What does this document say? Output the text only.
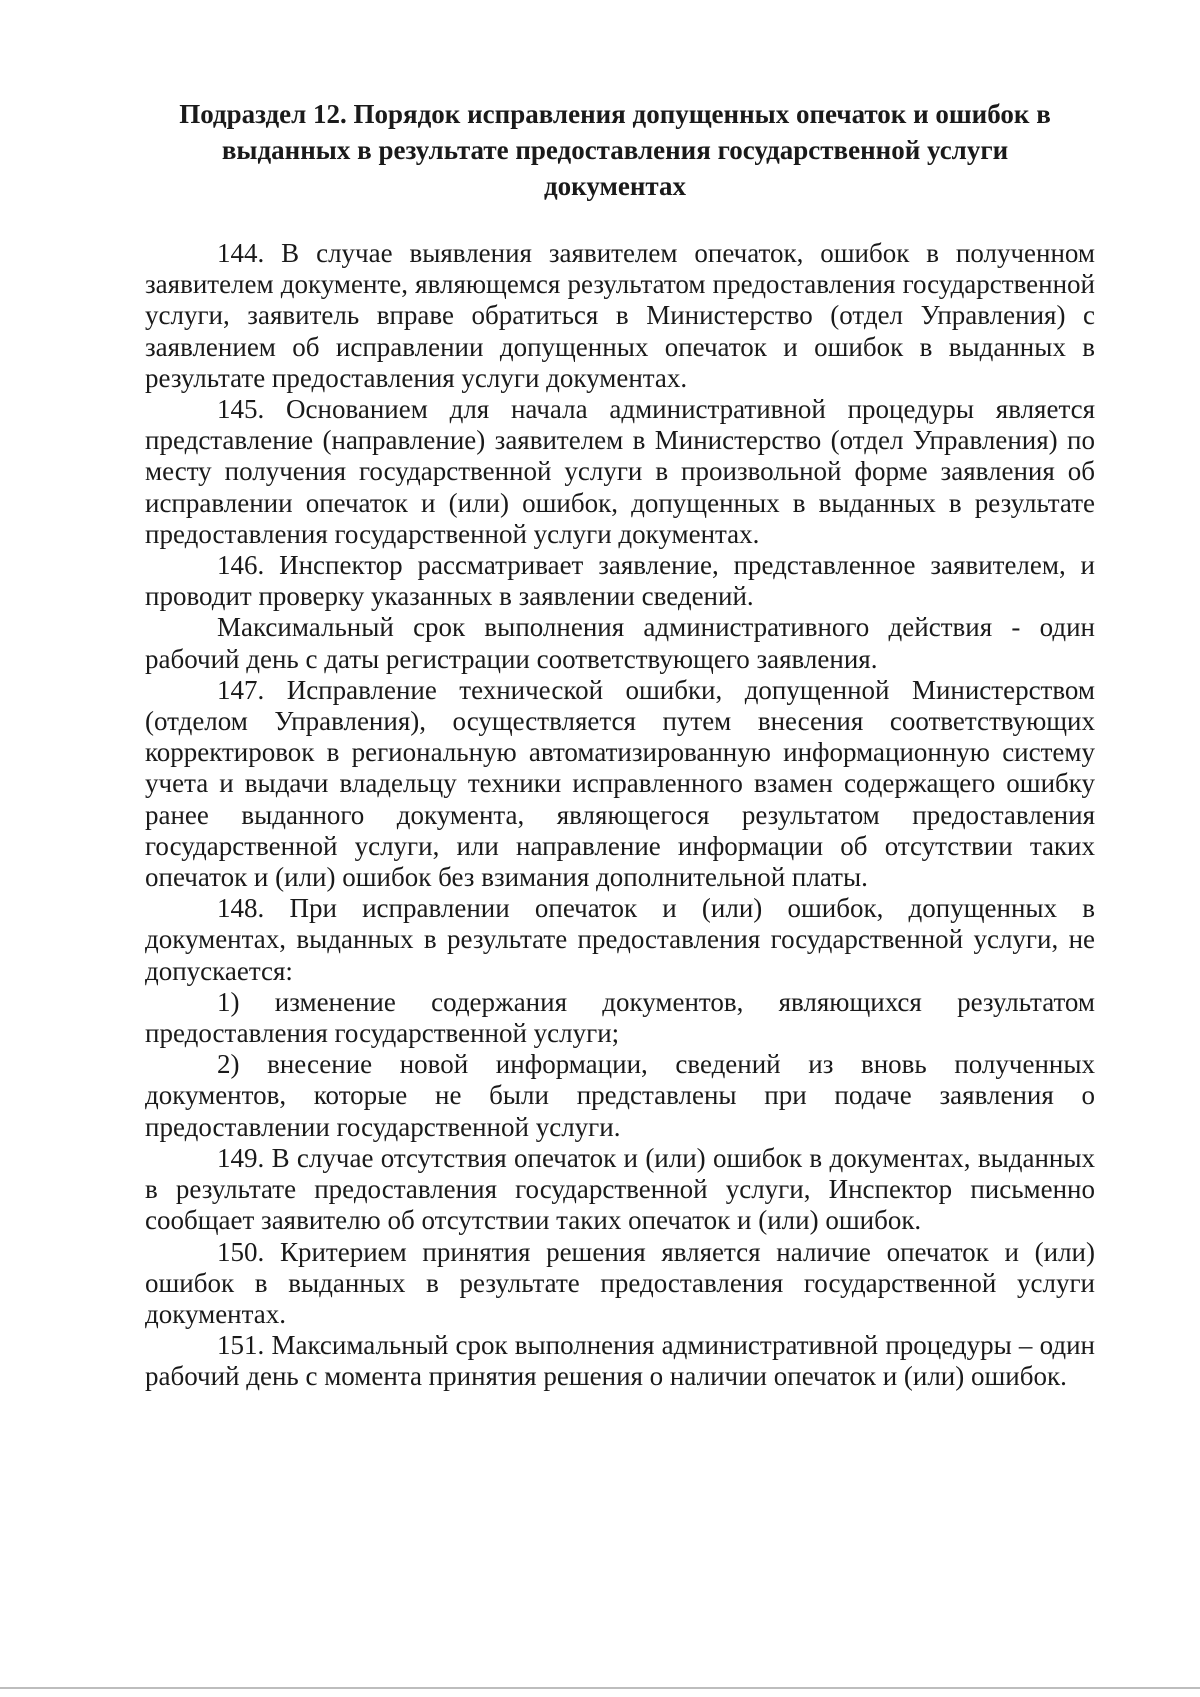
Подраздел 12. Порядок исправления допущенных опечаток и ошибок в
выданных в результате предоставления государственной услуги
документах

144. В случае выявления заявителем опечаток, ошибок в полученном заявителем документе, являющемся результатом предоставления государственной услуги, заявитель вправе обратиться в Министерство (отдел Управления) с заявлением об исправлении допущенных опечаток и ошибок в выданных в результате предоставления услуги документах.

145. Основанием для начала административной процедуры является представление (направление) заявителем в Министерство (отдел Управления) по месту получения государственной услуги в произвольной форме заявления об исправлении опечаток и (или) ошибок, допущенных в выданных в результате предоставления государственной услуги документах.

146. Инспектор рассматривает заявление, представленное заявителем, и проводит проверку указанных в заявлении сведений.

Максимальный срок выполнения административного действия - один рабочий день с даты регистрации соответствующего заявления.

147. Исправление технической ошибки, допущенной Министерством (отделом Управления), осуществляется путем внесения соответствующих корректировок в региональную автоматизированную информационную систему учета и выдачи владельцу техники исправленного взамен содержащего ошибку ранее выданного документа, являющегося результатом предоставления государственной услуги, или направление информации об отсутствии таких опечаток и (или) ошибок без взимания дополнительной платы.

148. При исправлении опечаток и (или) ошибок, допущенных в документах, выданных в результате предоставления государственной услуги, не допускается:

1) изменение содержания документов, являющихся результатом предоставления государственной услуги;

2) внесение новой информации, сведений из вновь полученных документов, которые не были представлены при подаче заявления о предоставлении государственной услуги.

149. В случае отсутствия опечаток и (или) ошибок в документах, выданных в результате предоставления государственной услуги, Инспектор письменно сообщает заявителю об отсутствии таких опечаток и (или) ошибок.

150. Критерием принятия решения является наличие опечаток и (или) ошибок в выданных в результате предоставления государственной услуги документах.

151. Максимальный срок выполнения административной процедуры – один рабочий день с момента принятия решения о наличии опечаток и (или) ошибок.
